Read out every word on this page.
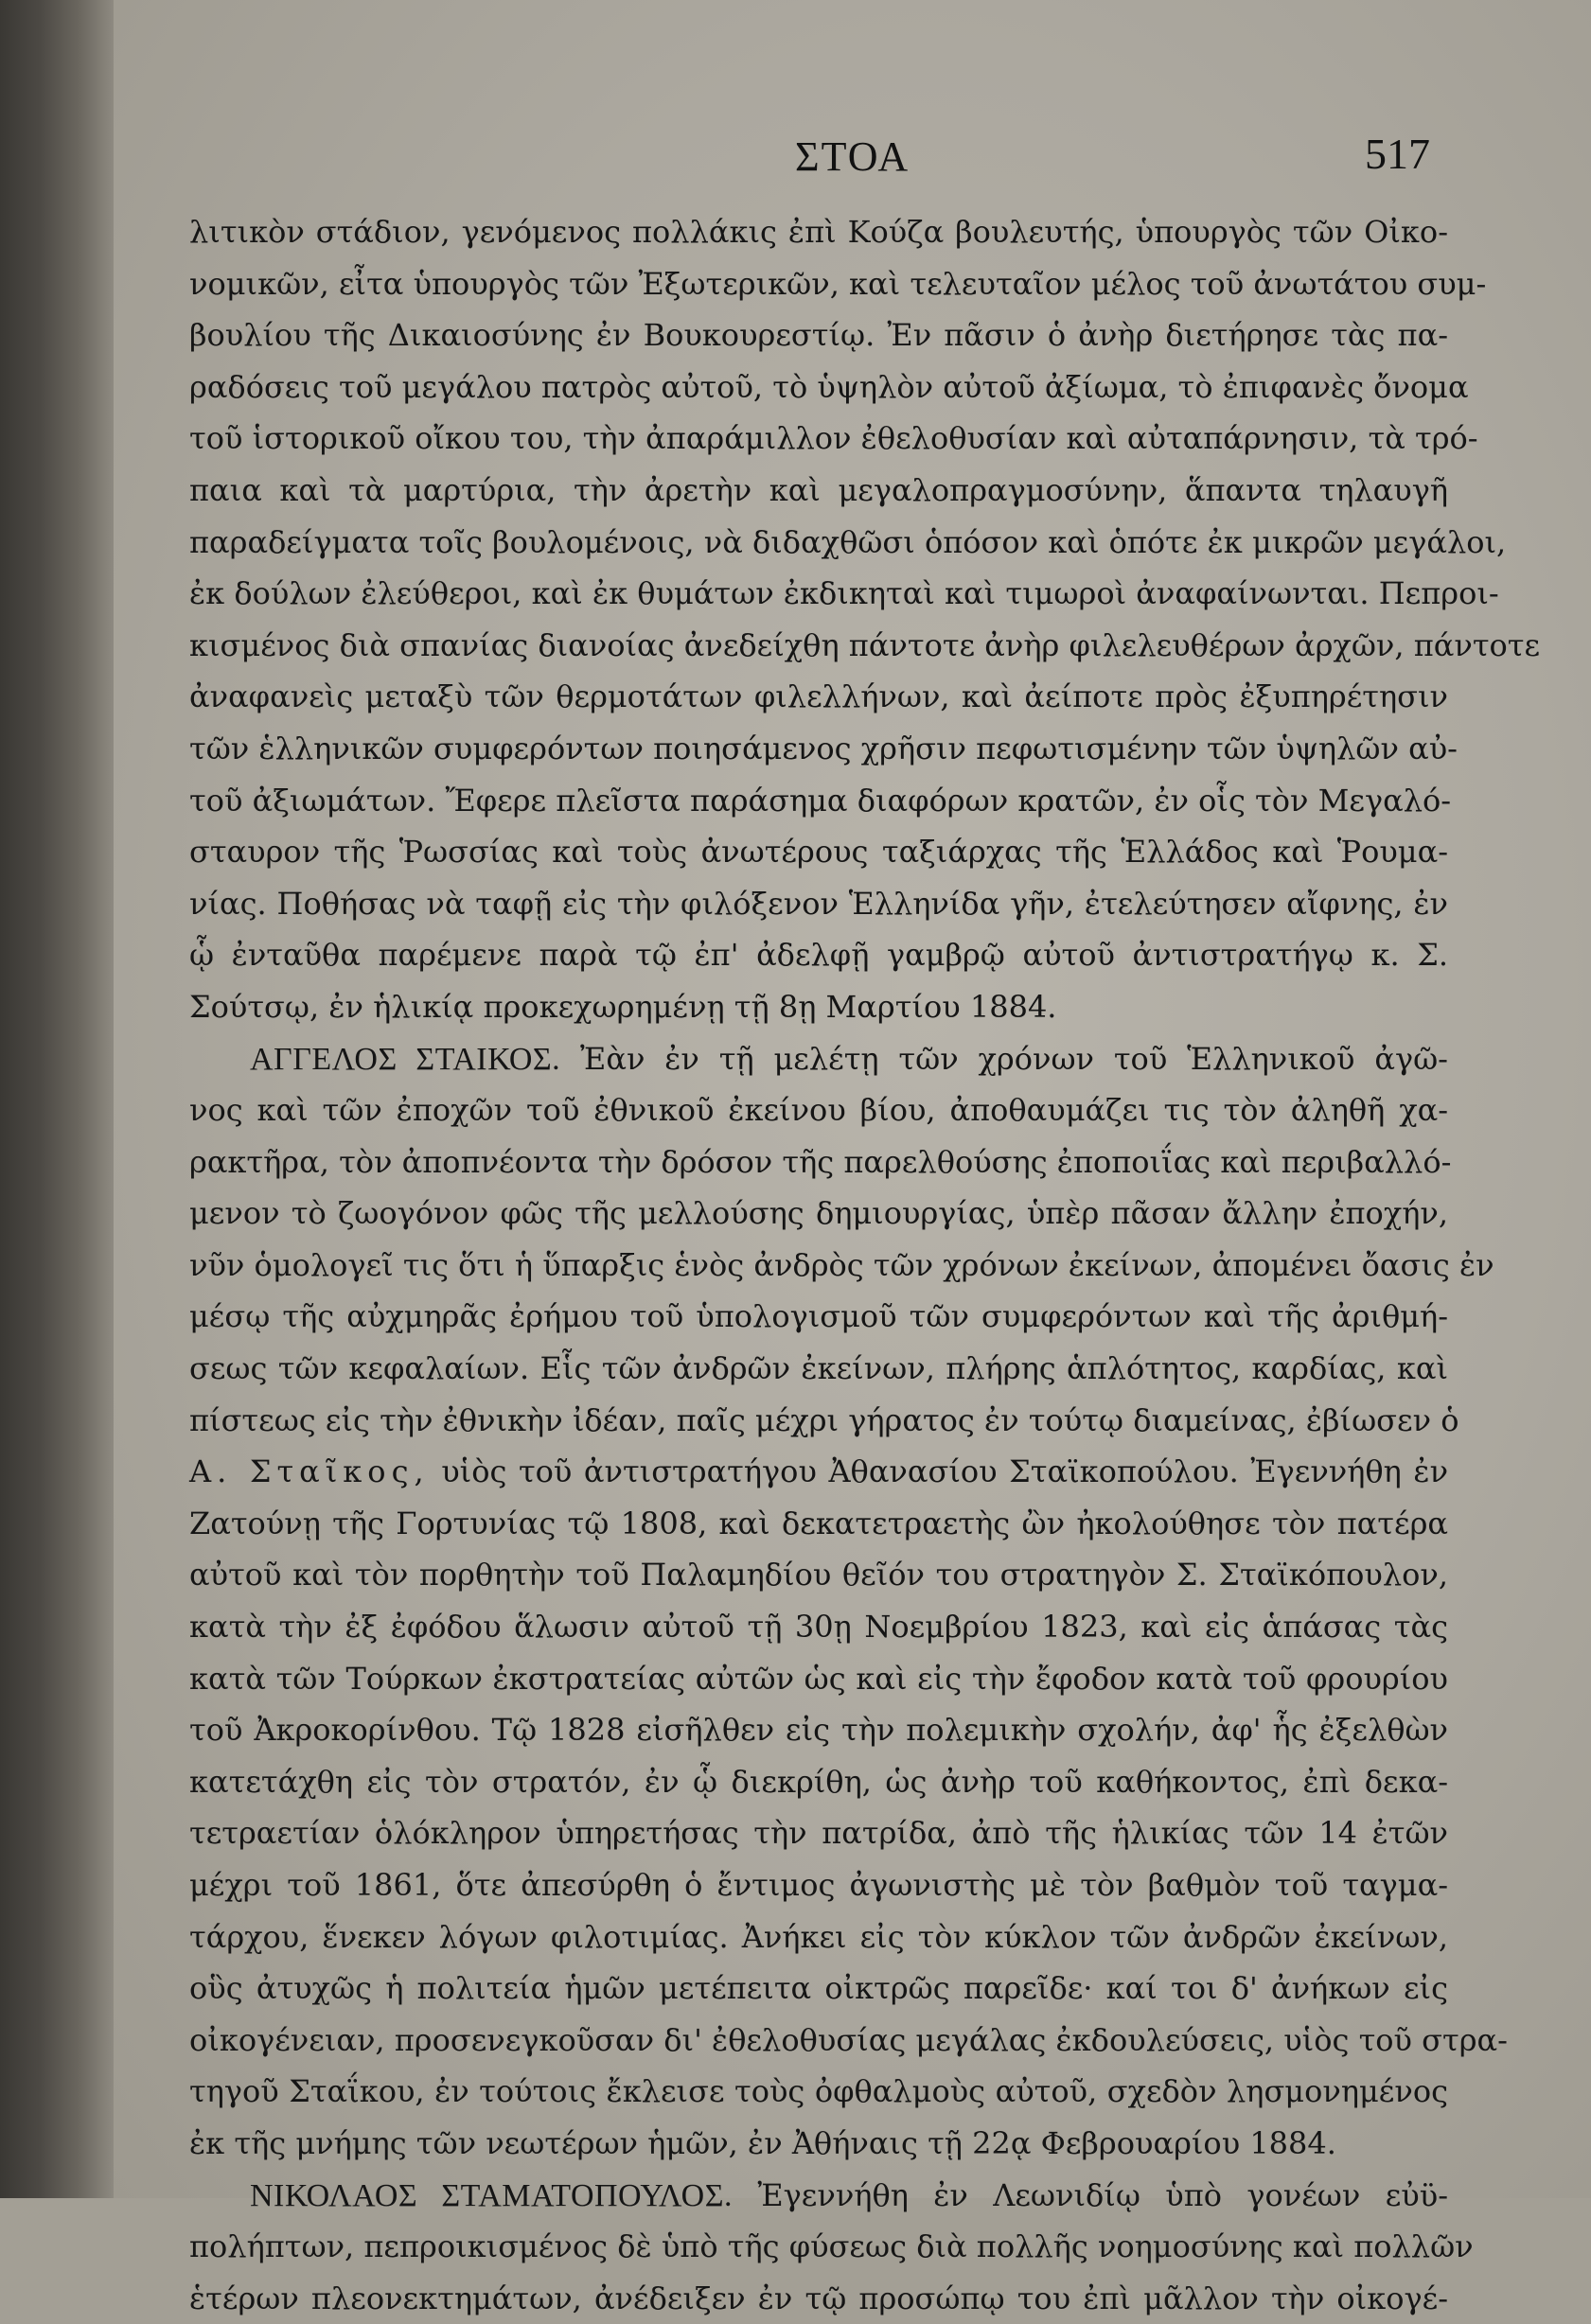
ΣΤΟΑ	517
λιτικὸν στάδιον, γενόμενος πολλάκις ἐπὶ Κούζα βουλευτής, ὑπουργὸς τῶν Οἰκο-
νομικῶν, εἶτα ὑπουργὸς τῶν Ἐξωτερικῶν, καὶ τελευταῖον μέλος τοῦ ἀνωτάτου συμ-
βουλίου τῆς Δικαιοσύνης ἐν Βουκουρεστίῳ. Ἐν πᾶσιν ὁ ἀνὴρ διετήρησε τὰς πα-
ραδόσεις τοῦ μεγάλου πατρὸς αὐτοῦ, τὸ ὑψηλὸν αὐτοῦ ἀξίωμα, τὸ ἐπιφανὲς ὄνομα
τοῦ ἱστορικοῦ οἴκου του, τὴν ἀπαράμιλλον ἐθελοθυσίαν καὶ αὐταπάρνησιν, τὰ τρό-
παια καὶ τὰ μαρτύρια, τὴν ἀρετὴν καὶ μεγαλοπραγμοσύνην, ἅπαντα τηλαυγῆ
παραδείγματα τοῖς βουλομένοις, νὰ διδαχθῶσι ὁπόσον καὶ ὁπότε ἐκ μικρῶν μεγάλοι,
ἐκ δούλων ἐλεύθεροι, καὶ ἐκ θυμάτων ἐκδικηταὶ καὶ τιμωροὶ ἀναφαίνωνται. Πεπροι-
κισμένος διὰ σπανίας διανοίας ἀνεδείχθη πάντοτε ἀνὴρ φιλελευθέρων ἀρχῶν, πάντοτε
ἀναφανεὶς μεταξὺ τῶν θερμοτάτων φιλελλήνων, καὶ ἀείποτε πρὸς ἐξυπηρέτησιν
τῶν ἑλληνικῶν συμφερόντων ποιησάμενος χρῆσιν πεφωτισμένην τῶν ὑψηλῶν αὐ-
τοῦ ἀξιωμάτων. Ἔφερε πλεῖστα παράσημα διαφόρων κρατῶν, ἐν οἷς τὸν Μεγαλό-
σταυρον τῆς Ῥωσσίας καὶ τοὺς ἀνωτέρους ταξιάρχας τῆς Ἑλλάδος καὶ Ῥουμα-
νίας. Ποθήσας νὰ ταφῇ εἰς τὴν φιλόξενον Ἑλληνίδα γῆν, ἐτελεύτησεν αἴφνης, ἐν
ᾧ ἐνταῦθα παρέμενε παρὰ τῷ ἐπ' ἀδελφῇ γαμβρῷ αὐτοῦ ἀντιστρατήγῳ κ. Σ.
Σούτσῳ, ἐν ἡλικίᾳ προκεχωρημένῃ τῇ 8ῃ Μαρτίου 1884.
ΑΓΓΕΛΟΣ ΣΤΑΙΚΟΣ. Ἐὰν ἐν τῇ μελέτῃ τῶν χρόνων τοῦ Ἑλληνικοῦ ἀγῶ-
νος καὶ τῶν ἐποχῶν τοῦ ἐθνικοῦ ἐκείνου βίου, ἀποθαυμάζει τις τὸν ἀληθῆ χα-
ρακτῆρα, τὸν ἀποπνέοντα τὴν δρόσον τῆς παρελθούσης ἐποποιΐας καὶ περιβαλλό-
μενον τὸ ζωογόνον φῶς τῆς μελλούσης δημιουργίας, ὑπὲρ πᾶσαν ἄλλην ἐποχήν,
νῦν ὁμολογεῖ τις ὅτι ἡ ὕπαρξις ἑνὸς ἀνδρὸς τῶν χρόνων ἐκείνων, ἀπομένει ὄασις ἐν
μέσῳ τῆς αὐχμηρᾶς ἐρήμου τοῦ ὑπολογισμοῦ τῶν συμφερόντων καὶ τῆς ἀριθμή-
σεως τῶν κεφαλαίων. Εἷς τῶν ἀνδρῶν ἐκείνων, πλήρης ἁπλότητος, καρδίας, καὶ
πίστεως εἰς τὴν ἐθνικὴν ἰδέαν, παῖς μέχρι γήρατος ἐν τούτῳ διαμείνας, ἐβίωσεν ὁ
Α. Σταῖκος, υἱὸς τοῦ ἀντιστρατήγου Ἀθανασίου Σταϊκοπούλου. Ἐγεννήθη ἐν
Ζατούνῃ τῆς Γορτυνίας τῷ 1808, καὶ δεκατετραετὴς ὢν ἠκολούθησε τὸν πατέρα
αὐτοῦ καὶ τὸν πορθητὴν τοῦ Παλαμηδίου θεῖόν του στρατηγὸν Σ. Σταϊκόπουλον,
κατὰ τὴν ἐξ ἐφόδου ἅλωσιν αὐτοῦ τῇ 30ῃ Νοεμβρίου 1823, καὶ εἰς ἁπάσας τὰς
κατὰ τῶν Τούρκων ἐκστρατείας αὐτῶν ὡς καὶ εἰς τὴν ἔφοδον κατὰ τοῦ φρουρίου
τοῦ Ἀκροκορίνθου. Τῷ 1828 εἰσῆλθεν εἰς τὴν πολεμικὴν σχολήν, ἀφ' ἧς ἐξελθὼν
κατετάχθη εἰς τὸν στρατόν, ἐν ᾧ διεκρίθη, ὡς ἀνὴρ τοῦ καθήκοντος, ἐπὶ δεκα-
τετραετίαν ὁλόκληρον ὑπηρετήσας τὴν πατρίδα, ἀπὸ τῆς ἡλικίας τῶν 14 ἐτῶν
μέχρι τοῦ 1861, ὅτε ἀπεσύρθη ὁ ἔντιμος ἀγωνιστὴς μὲ τὸν βαθμὸν τοῦ ταγμα-
τάρχου, ἕνεκεν λόγων φιλοτιμίας. Ἀνήκει εἰς τὸν κύκλον τῶν ἀνδρῶν ἐκείνων,
οὓς ἀτυχῶς ἡ πολιτεία ἡμῶν μετέπειτα οἰκτρῶς παρεῖδε· καί τοι δ' ἀνήκων εἰς
οἰκογένειαν, προσενεγκοῦσαν δι' ἐθελοθυσίας μεγάλας ἐκδουλεύσεις, υἱὸς τοῦ στρα-
τηγοῦ Σταΐκου, ἐν τούτοις ἔκλεισε τοὺς ὀφθαλμοὺς αὐτοῦ, σχεδὸν λησμονημένος
ἐκ τῆς μνήμης τῶν νεωτέρων ἡμῶν, ἐν Ἀθήναις τῇ 22ᾳ Φεβρουαρίου 1884.
ΝΙΚΟΛΑΟΣ ΣΤΑΜΑΤΟΠΟΥΛΟΣ. Ἐγεννήθη ἐν Λεωνιδίῳ ὑπὸ γονέων εὐϋ-
πολήπτων, πεπροικισμένος δὲ ὑπὸ τῆς φύσεως διὰ πολλῆς νοημοσύνης καὶ πολλῶν
ἑτέρων πλεονεκτημάτων, ἀνέδειξεν ἐν τῷ προσώπῳ του ἐπὶ μᾶλλον τὴν οἰκογέ-
